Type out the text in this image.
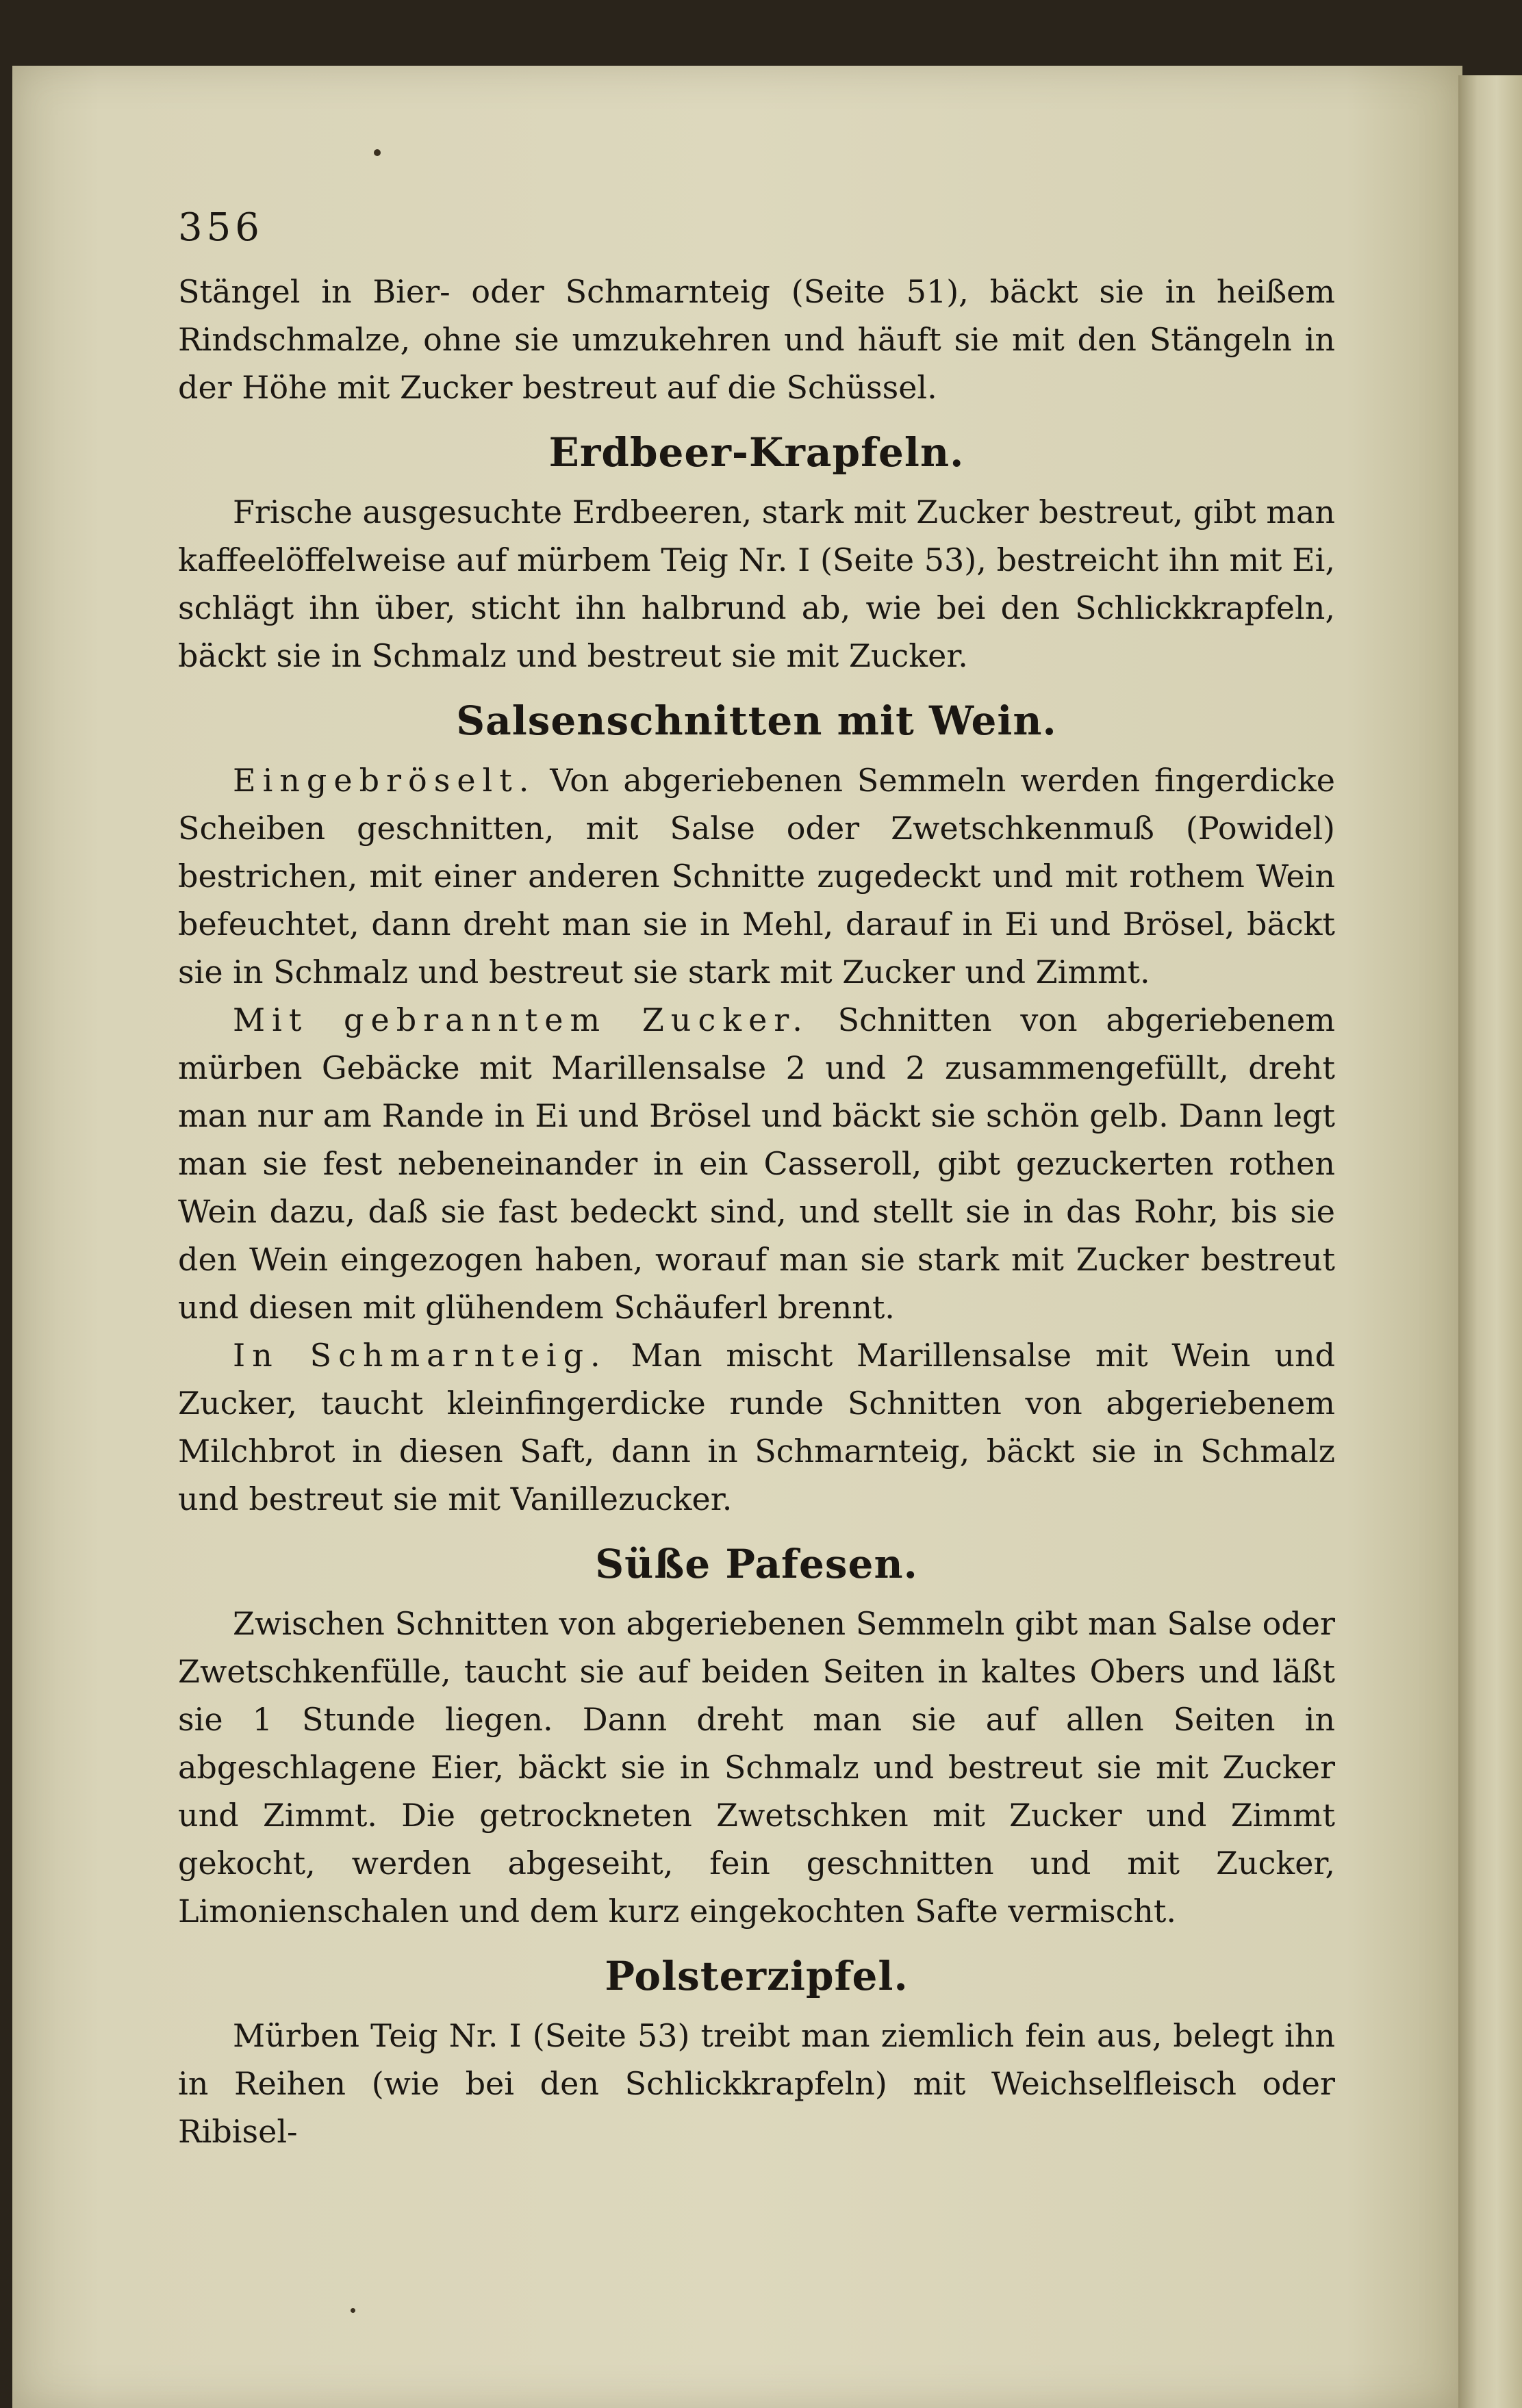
356

Stängel in Bier- oder Schmarnteig (Seite 51), bäckt sie in heißem Rindschmalze, ohne sie umzukehren und häuft sie mit den Stängeln in der Höhe mit Zucker bestreut auf die Schüssel.

Erdbeer-Krapfeln.

Frische ausgesuchte Erdbeeren, stark mit Zucker bestreut, gibt man kaffeelöffelweise auf mürbem Teig Nr. I (Seite 53), bestreicht ihn mit Ei, schlägt ihn über, sticht ihn halbrund ab, wie bei den Schlickkrapfeln, bäckt sie in Schmalz und bestreut sie mit Zucker.

Salsenschnitten mit Wein.

Eingebröselt. Von abgeriebenen Semmeln werden fingerdicke Scheiben geschnitten, mit Salse oder Zwetschkenmuß (Powidel) bestrichen, mit einer anderen Schnitte zugedeckt und mit rothem Wein befeuchtet, dann dreht man sie in Mehl, darauf in Ei und Brösel, bäckt sie in Schmalz und bestreut sie stark mit Zucker und Zimmt.

Mit gebranntem Zucker. Schnitten von abgeriebenem mürben Gebäcke mit Marillensalse 2 und 2 zusammengefüllt, dreht man nur am Rande in Ei und Brösel und bäckt sie schön gelb. Dann legt man sie fest nebeneinander in ein Casseroll, gibt gezuckerten rothen Wein dazu, daß sie fast bedeckt sind, und stellt sie in das Rohr, bis sie den Wein eingezogen haben, worauf man sie stark mit Zucker bestreut und diesen mit glühendem Schäuferl brennt.

In Schmarnteig. Man mischt Marillensalse mit Wein und Zucker, taucht kleinfingerdicke runde Schnitten von abgeriebenem Milchbrot in diesen Saft, dann in Schmarnteig, bäckt sie in Schmalz und bestreut sie mit Vanillezucker.

Süße Pafesen.

Zwischen Schnitten von abgeriebenen Semmeln gibt man Salse oder Zwetschkenfülle, taucht sie auf beiden Seiten in kaltes Obers und läßt sie 1 Stunde liegen. Dann dreht man sie auf allen Seiten in abgeschlagene Eier, bäckt sie in Schmalz und bestreut sie mit Zucker und Zimmt. Die getrockneten Zwetschken mit Zucker und Zimmt gekocht, werden abgeseiht, fein geschnitten und mit Zucker, Limonienschalen und dem kurz eingekochten Safte vermischt.

Polsterzipfel.

Mürben Teig Nr. I (Seite 53) treibt man ziemlich fein aus, belegt ihn in Reihen (wie bei den Schlickkrapfeln) mit Weichselfleisch oder Ribisel-
